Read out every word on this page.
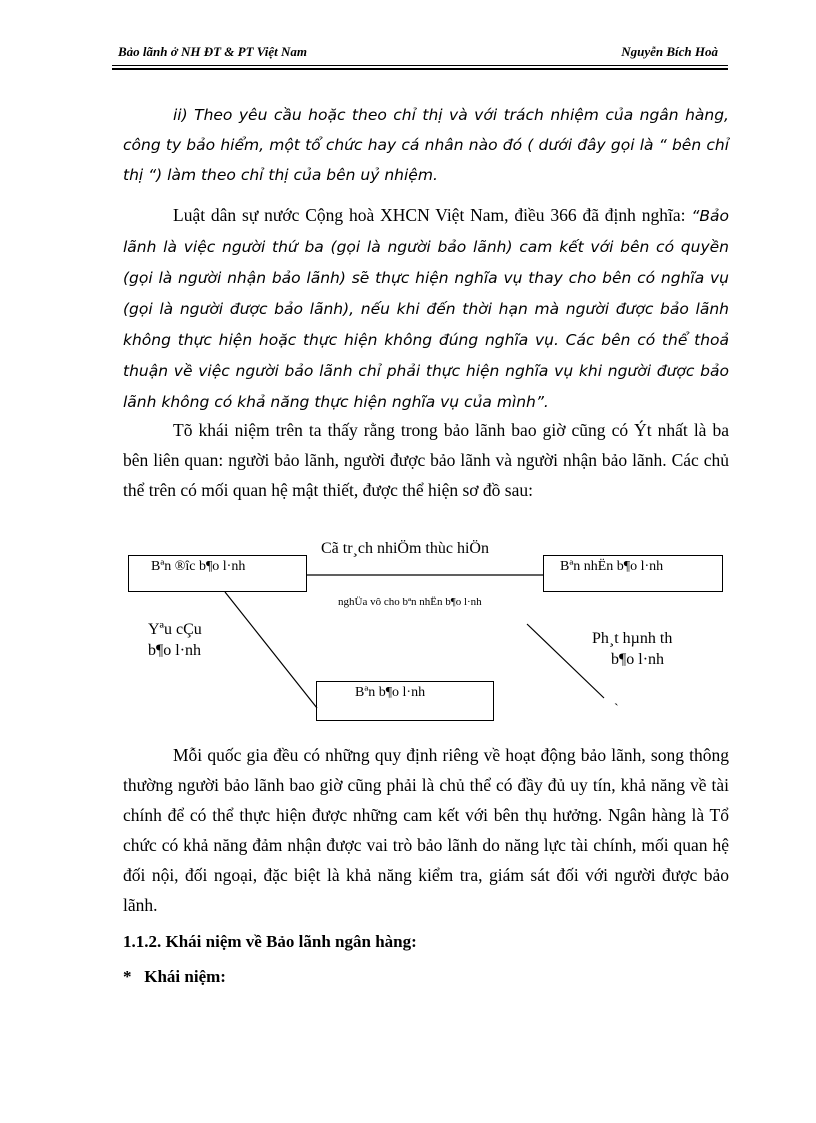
Bảo lãnh ở NH ĐT & PT Việt Nam	Nguyễn Bích Hoà
ii) Theo yêu cầu hoặc theo chỉ thị và với trách nhiệm của ngân hàng, công ty bảo hiểm, một tổ chức hay cá nhân nào đó ( dưới đây gọi là “ bên chỉ thị “) làm theo chỉ thị của bên uỷ nhiệm.
Luật dân sự nước Cộng hoà XHCN Việt Nam, điều 366 đã định nghĩa: “Bảo lãnh là việc người thứ ba (gọi là người bảo lãnh) cam kết với bên có quyền (gọi là người nhận bảo lãnh) sẽ thực hiện nghĩa vụ thay cho bên có nghĩa vụ (gọi là người được bảo lãnh), nếu khi đến thời hạn mà người được bảo lãnh không thực hiện hoặc thực hiện không đúng nghĩa vụ. Các bên có thể thoả thuận về việc người bảo lãnh chỉ phải thực hiện nghĩa vụ khi người được bảo lãnh không có khả năng thực hiện nghĩa vụ của mình”.
Tõ khái niệm trên ta thấy rằng trong bảo lãnh bao giờ cũng có Ýt nhất là ba bên liên quan: người bảo lãnh, người được bảo lãnh và người nhận bảo lãnh. Các chủ thể trên có mối quan hệ mật thiết, được thể hiện sơ đồ sau:
Bªn ®îc b¶o l·nh	Bªn nhËn b¶o l·nh
Bªn b¶o l·nh
Cã tr¸ch nhiÖm thùc hiÖn
nghÜa vô cho bªn nhËn b¶o l·nh
Yªu cÇu
b¶o l·nh
Ph¸t hµnh th
b¶o l·nh
`
Mỗi quốc gia đều có những quy định riêng về hoạt động bảo lãnh, song thông thường người bảo lãnh bao giờ cũng phải là chủ thể có đầy đủ uy tín, khả năng về tài chính để có thể thực hiện được những cam kết với bên thụ hưởng. Ngân hàng là Tổ chức có khả năng đảm nhận được vai trò bảo lãnh do năng lực tài chính, mối quan hệ đối nội, đối ngoại, đặc biệt là khả năng kiểm tra, giám sát đối với người được bảo lãnh.
1.1.2. Khái niệm về Bảo lãnh ngân hàng:
* Khái niệm:
